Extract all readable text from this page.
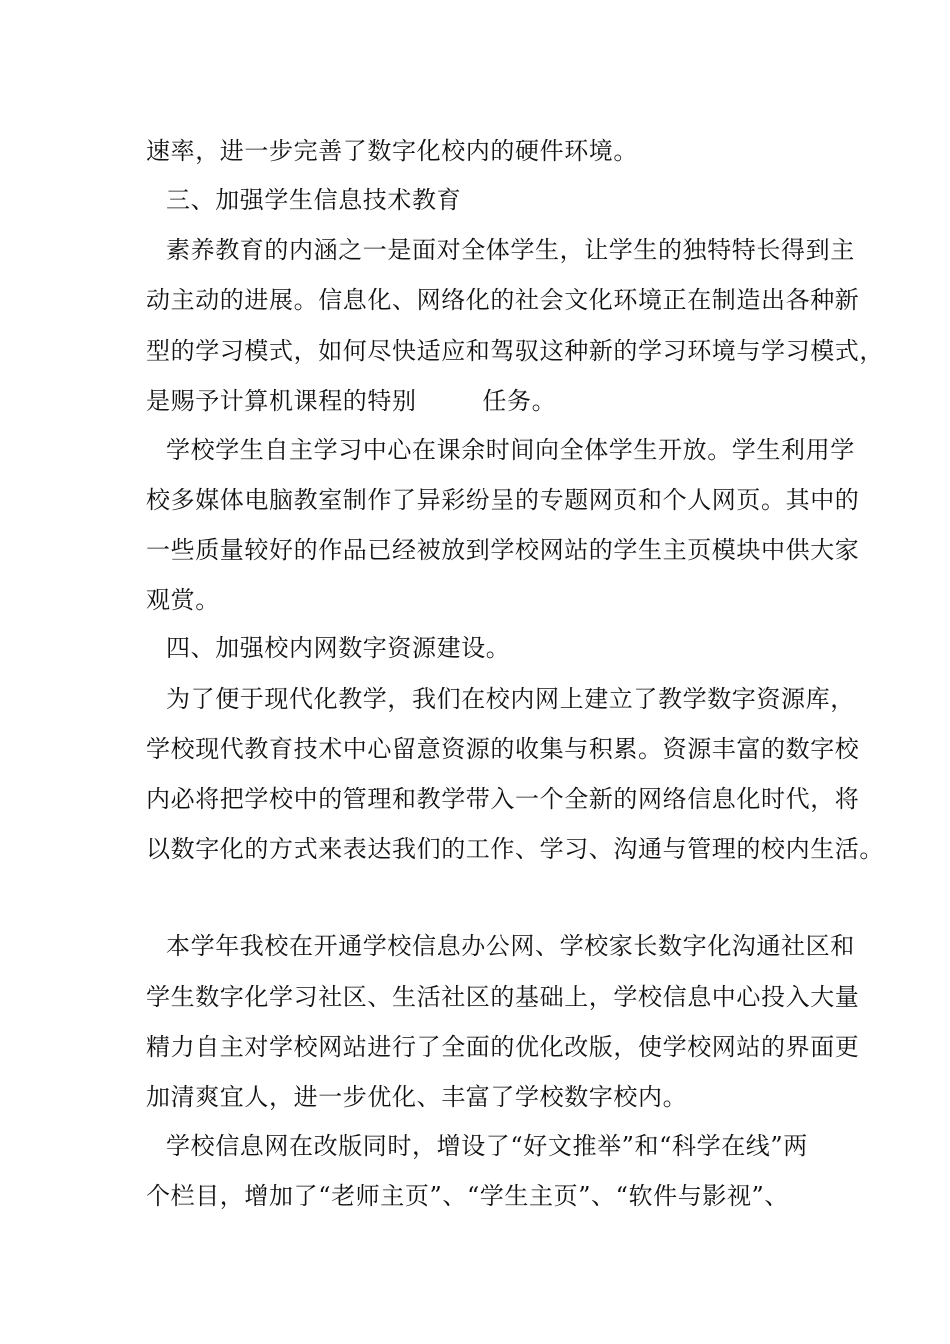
速率，进一步完善了数字化校内的硬件环境。
三、加强学生信息技术教育
素养教育的内涵之一是面对全体学生，让学生的独特特长得到主
动主动的进展。信息化、网络化的社会文化环境正在制造出各种新
型的学习模式，如何尽快适应和驾驭这种新的学习环境与学习模式，
是赐予计算机课程的特别        任务。
学校学生自主学习中心在课余时间向全体学生开放。学生利用学
校多媒体电脑教室制作了异彩纷呈的专题网页和个人网页。其中的
一些质量较好的作品已经被放到学校网站的学生主页模块中供大家
观赏。
四、加强校内网数字资源建设。
为了便于现代化教学，我们在校内网上建立了教学数字资源库，
学校现代教育技术中心留意资源的收集与积累。资源丰富的数字校
内必将把学校中的管理和教学带入一个全新的网络信息化时代，将
以数字化的方式来表达我们的工作、学习、沟通与管理的校内生活。
本学年我校在开通学校信息办公网、学校家长数字化沟通社区和
学生数字化学习社区、生活社区的基础上，学校信息中心投入大量
精力自主对学校网站进行了全面的优化改版，使学校网站的界面更
加清爽宜人，进一步优化、丰富了学校数字校内。
学校信息网在改版同时，增设了“好文推举”和“科学在线”两
个栏目，增加了“老师主页”、“学生主页”、“软件与影视”、
